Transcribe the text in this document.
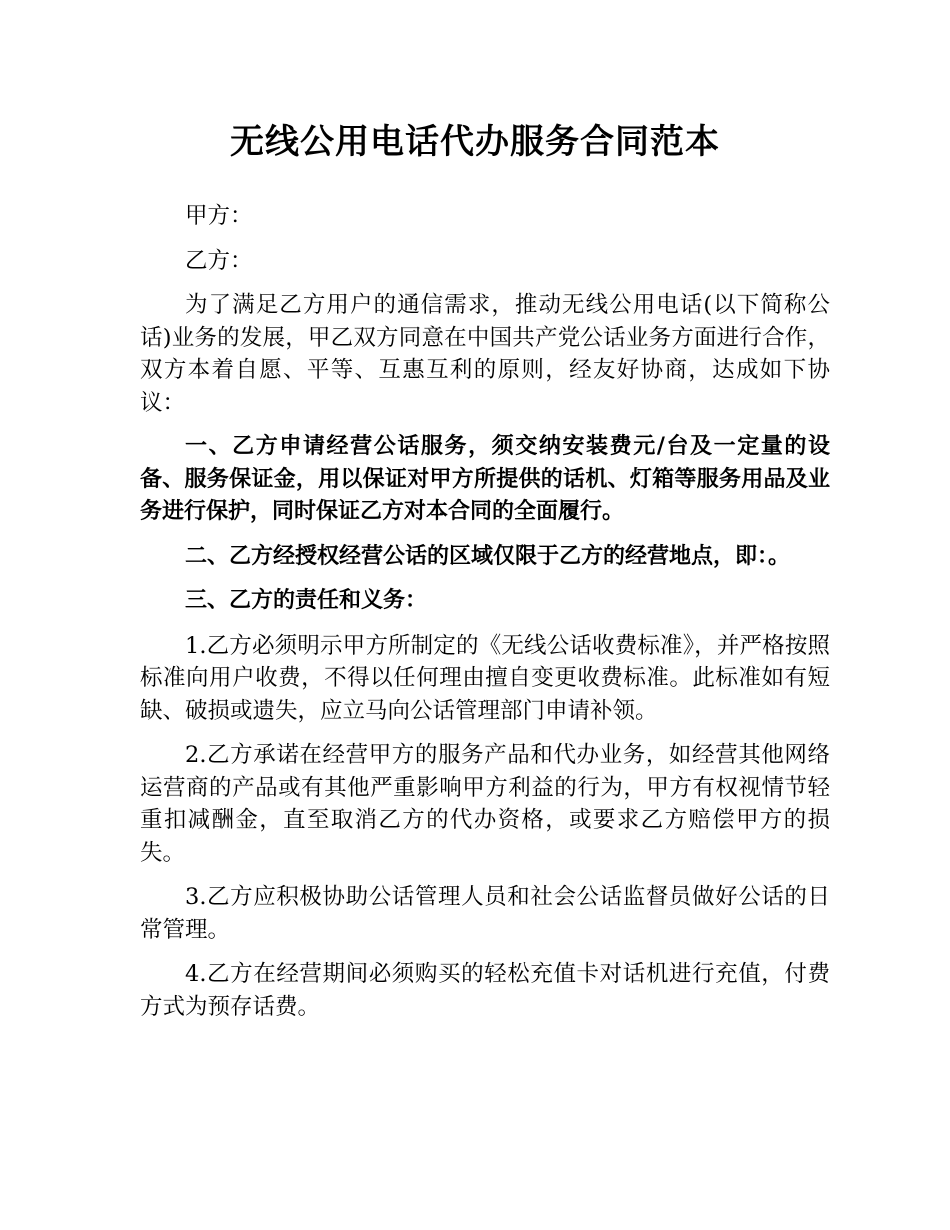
无线公用电话代办服务合同范本

甲方：

乙方：

为了满足乙方用户的通信需求，推动无线公用电话(以下简称公话)业务的发展，甲乙双方同意在中国共产党公话业务方面进行合作，双方本着自愿、平等、互惠互利的原则，经友好协商，达成如下协议：

一、乙方申请经营公话服务，须交纳安装费元/台及一定量的设备、服务保证金，用以保证对甲方所提供的话机、灯箱等服务用品及业务进行保护，同时保证乙方对本合同的全面履行。

二、乙方经授权经营公话的区域仅限于乙方的经营地点，即：。

三、乙方的责任和义务：

1.乙方必须明示甲方所制定的《无线公话收费标准》，并严格按照标准向用户收费，不得以任何理由擅自变更收费标准。此标准如有短缺、破损或遗失，应立马向公话管理部门申请补领。

2.乙方承诺在经营甲方的服务产品和代办业务，如经营其他网络运营商的产品或有其他严重影响甲方利益的行为，甲方有权视情节轻重扣减酬金，直至取消乙方的代办资格，或要求乙方赔偿甲方的损失。

3.乙方应积极协助公话管理人员和社会公话监督员做好公话的日常管理。

4.乙方在经营期间必须购买的轻松充值卡对话机进行充值，付费方式为预存话费。
